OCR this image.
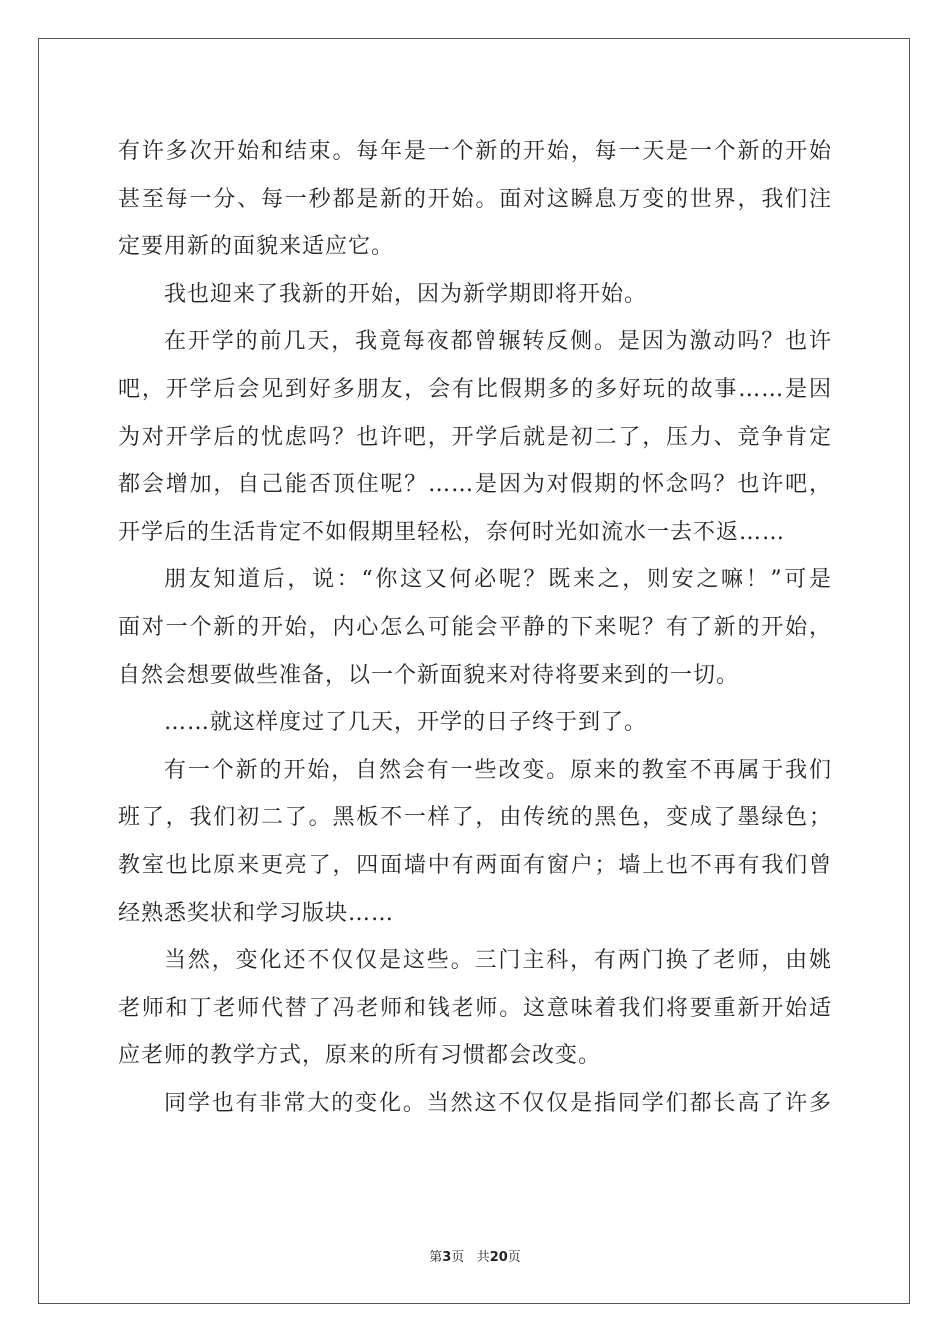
有许多次开始和结束。每年是一个新的开始，每一天是一个新的开始
甚至每一分、每一秒都是新的开始。面对这瞬息万变的世界，我们注
定要用新的面貌来适应它。
我也迎来了我新的开始，因为新学期即将开始。
在开学的前几天，我竟每夜都曾辗转反侧。是因为激动吗？也许
吧，开学后会见到好多朋友，会有比假期多的多好玩的故事……是因
为对开学后的忧虑吗？也许吧，开学后就是初二了，压力、竞争肯定
都会增加，自己能否顶住呢？……是因为对假期的怀念吗？也许吧，
开学后的生活肯定不如假期里轻松，奈何时光如流水一去不返……
朋友知道后，说：“你这又何必呢？既来之，则安之嘛！”可是
面对一个新的开始，内心怎么可能会平静的下来呢？有了新的开始，
自然会想要做些准备，以一个新面貌来对待将要来到的一切。
……就这样度过了几天，开学的日子终于到了。
有一个新的开始，自然会有一些改变。原来的教室不再属于我们
班了，我们初二了。黑板不一样了，由传统的黑色，变成了墨绿色；
教室也比原来更亮了，四面墙中有两面有窗户；墙上也不再有我们曾
经熟悉奖状和学习版块……
当然，变化还不仅仅是这些。三门主科，有两门换了老师，由姚
老师和丁老师代替了冯老师和钱老师。这意味着我们将要重新开始适
应老师的教学方式，原来的所有习惯都会改变。
同学也有非常大的变化。当然这不仅仅是指同学们都长高了许多
第3页 共20页
